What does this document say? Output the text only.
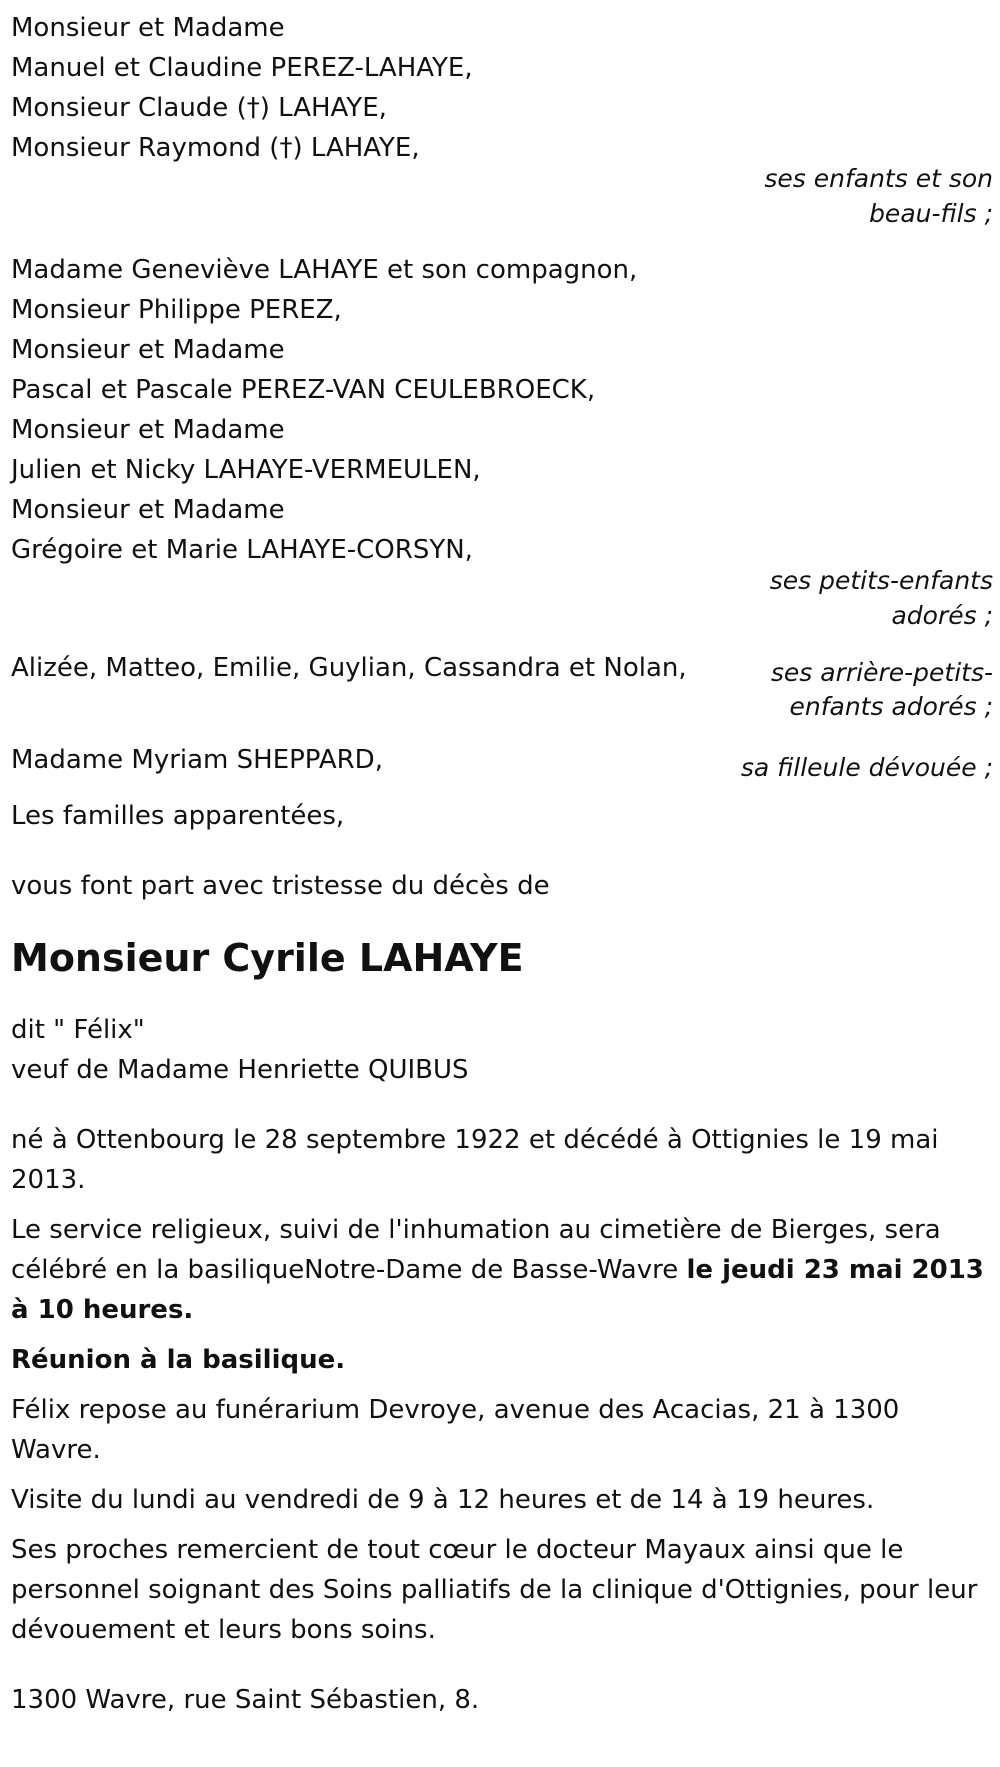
Monsieur et Madame
Manuel et Claudine PEREZ-LAHAYE,
Monsieur Claude (†) LAHAYE,
Monsieur Raymond (†) LAHAYE,
ses enfants et son
beau-fils ;
Madame Geneviève LAHAYE et son compagnon,
Monsieur Philippe PEREZ,
Monsieur et Madame
Pascal et Pascale PEREZ-VAN CEULEBROECK,
Monsieur et Madame
Julien et Nicky LAHAYE-VERMEULEN,
Monsieur et Madame
Grégoire et Marie LAHAYE-CORSYN,
ses petits-enfants
adorés ;
Alizée, Matteo, Emilie, Guylian, Cassandra et Nolan,	ses arrière-petits-
enfants adorés ;
Madame Myriam SHEPPARD,	sa filleule dévouée ;
Les familles apparentées,
vous font part avec tristesse du décès de
Monsieur Cyrile LAHAYE
dit " Félix"
veuf de Madame Henriette QUIBUS

né à Ottenbourg le 28 septembre 1922 et décédé à Ottignies le 19 mai 2013.

Le service religieux, suivi de l'inhumation au cimetière de Bierges, sera célébré en la basiliqueNotre-Dame de Basse-Wavre le jeudi 23 mai 2013 à 10 heures.

Réunion à la basilique.

Félix repose au funérarium Devroye, avenue des Acacias, 21 à 1300 Wavre.

Visite du lundi au vendredi de 9 à 12 heures et de 14 à 19 heures.

Ses proches remercient de tout cœur le docteur Mayaux ainsi que le personnel soignant des Soins palliatifs de la clinique d'Ottignies, pour leur dévouement et leurs bons soins.

1300 Wavre, rue Saint Sébastien, 8.
